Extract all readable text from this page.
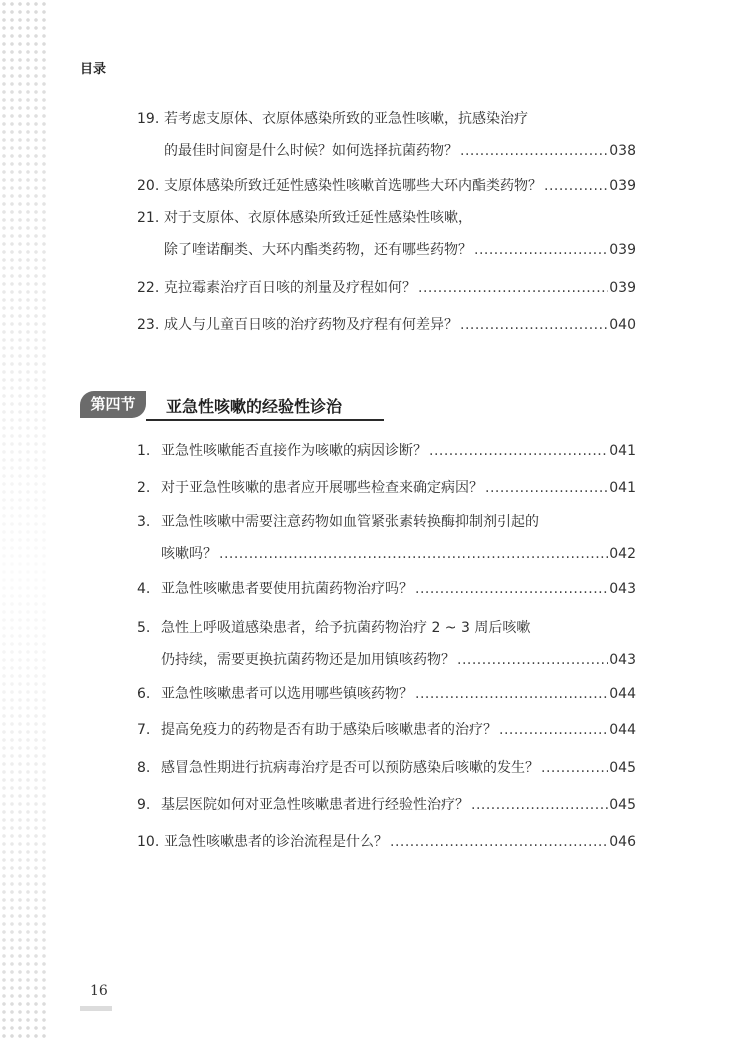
目录
19. 若考虑支原体、衣原体感染所致的亚急性咳嗽，抗感染治疗
的最佳时间窗是什么时候？如何选择抗菌药物？ .....	038
20. 支原体感染所致迁延性感染性咳嗽首选哪些大环内酯类药物？ .....	039
21. 对于支原体、衣原体感染所致迁延性感染性咳嗽，
除了喹诺酮类、大环内酯类药物，还有哪些药物？ .....	039
22. 克拉霉素治疗百日咳的剂量及疗程如何？ .....	039
23. 成人与儿童百日咳的治疗药物及疗程有何差异？ .....	040
第四节	亚急性咳嗽的经验性诊治
1. 亚急性咳嗽能否直接作为咳嗽的病因诊断？ .....	041
2. 对于亚急性咳嗽的患者应开展哪些检查来确定病因？ .....	041
3. 亚急性咳嗽中需要注意药物如血管紧张素转换酶抑制剂引起的
咳嗽吗？ .....	042
4. 亚急性咳嗽患者要使用抗菌药物治疗吗？ .....	043
5. 急性上呼吸道感染患者，给予抗菌药物治疗 2 ~ 3 周后咳嗽
仍持续，需要更换抗菌药物还是加用镇咳药物？ .....	043
6. 亚急性咳嗽患者可以选用哪些镇咳药物？ .....	044
7. 提高免疫力的药物是否有助于感染后咳嗽患者的治疗？ .....	044
8. 感冒急性期进行抗病毒治疗是否可以预防感染后咳嗽的发生？ .....	045
9. 基层医院如何对亚急性咳嗽患者进行经验性治疗？ .....	045
10. 亚急性咳嗽患者的诊治流程是什么？ .....	046
16
